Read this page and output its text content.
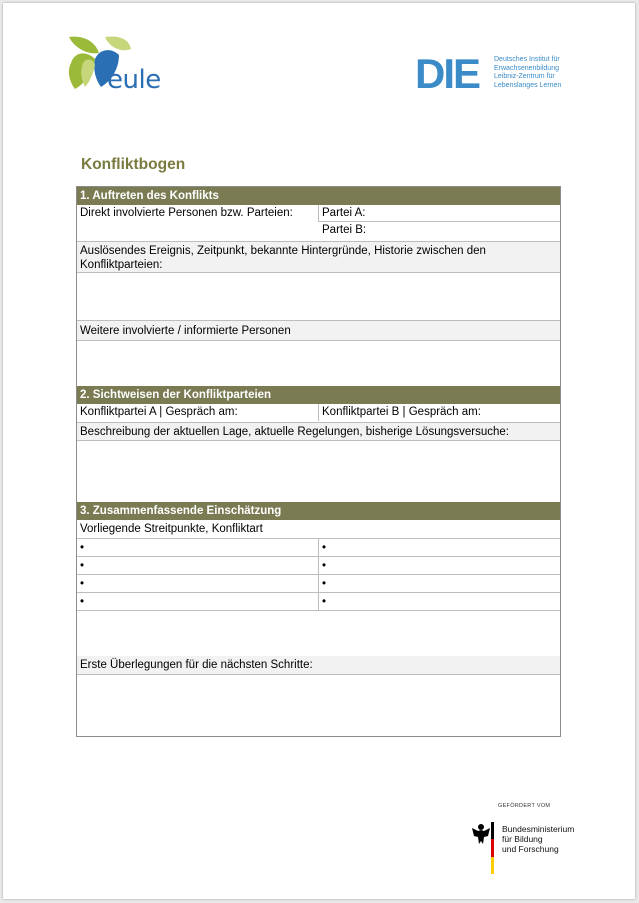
eule	DIE Deutsches Institut für
Erwachsenenbildung
Leibniz-Zentrum für
Lebenslanges Lernen
Konfliktbogen
1. Auftreten des Konflikts
Direkt involvierte Personen bzw. Parteien:	Partei A:
Partei B:
Auslösendes Ereignis, Zeitpunkt, bekannte Hintergründe, Historie zwischen den Konfliktparteien:
Weitere involvierte / informierte Personen
2. Sichtweisen der Konfliktparteien
Konfliktpartei A | Gespräch am:	Konfliktpartei B | Gespräch am:
Beschreibung der aktuellen Lage, aktuelle Regelungen, bisherige Lösungsversuche:
3. Zusammenfassende Einschätzung
Vorliegende Streitpunkte, Konfliktart
•	•
•	•
•	•
•	•
Erste Überlegungen für die nächsten Schritte:
GEFÖRDERT VOM
Bundesministerium
für Bildung
und Forschung
